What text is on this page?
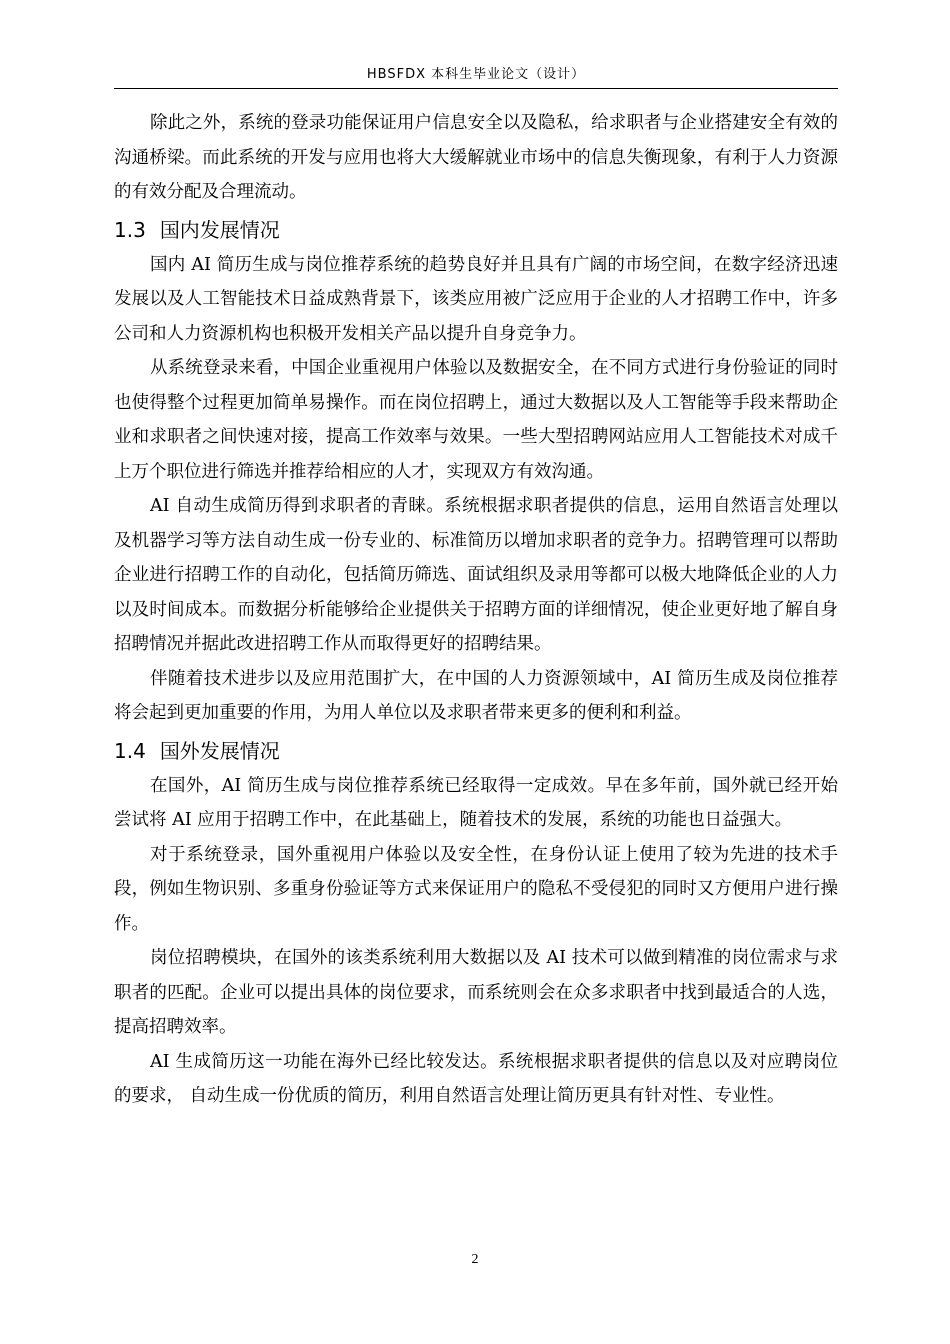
HBSFDX 本科生毕业论文（设计）

除此之外，系统的登录功能保证用户信息安全以及隐私，给求职者与企业搭建安全有效的沟通桥梁。而此系统的开发与应用也将大大缓解就业市场中的信息失衡现象，有利于人力资源的有效分配及合理流动。

1.3 国内发展情况

国内 AI 简历生成与岗位推荐系统的趋势良好并且具有广阔的市场空间，在数字经济迅速发展以及人工智能技术日益成熟背景下，该类应用被广泛应用于企业的人才招聘工作中，许多公司和人力资源机构也积极开发相关产品以提升自身竞争力。

从系统登录来看，中国企业重视用户体验以及数据安全，在不同方式进行身份验证的同时也使得整个过程更加简单易操作。而在岗位招聘上，通过大数据以及人工智能等手段来帮助企业和求职者之间快速对接，提高工作效率与效果。一些大型招聘网站应用人工智能技术对成千上万个职位进行筛选并推荐给相应的人才，实现双方有效沟通。

AI 自动生成简历得到求职者的青睐。系统根据求职者提供的信息，运用自然语言处理以及机器学习等方法自动生成一份专业的、标准简历以增加求职者的竞争力。招聘管理可以帮助企业进行招聘工作的自动化，包括简历筛选、面试组织及录用等都可以极大地降低企业的人力以及时间成本。而数据分析能够给企业提供关于招聘方面的详细情况，使企业更好地了解自身招聘情况并据此改进招聘工作从而取得更好的招聘结果。

伴随着技术进步以及应用范围扩大，在中国的人力资源领域中，AI 简历生成及岗位推荐将会起到更加重要的作用，为用人单位以及求职者带来更多的便利和利益。

1.4 国外发展情况

在国外，AI 简历生成与岗位推荐系统已经取得一定成效。早在多年前，国外就已经开始尝试将 AI 应用于招聘工作中，在此基础上，随着技术的发展，系统的功能也日益强大。

对于系统登录，国外重视用户体验以及安全性，在身份认证上使用了较为先进的技术手段，例如生物识别、多重身份验证等方式来保证用户的隐私不受侵犯的同时又方便用户进行操作。

岗位招聘模块，在国外的该类系统利用大数据以及 AI 技术可以做到精准的岗位需求与求职者的匹配。企业可以提出具体的岗位要求，而系统则会在众多求职者中找到最适合的人选，提高招聘效率。

AI 生成简历这一功能在海外已经比较发达。系统根据求职者提供的信息以及对应聘岗位的要求， 自动生成一份优质的简历，利用自然语言处理让简历更具有针对性、专业性。

2
